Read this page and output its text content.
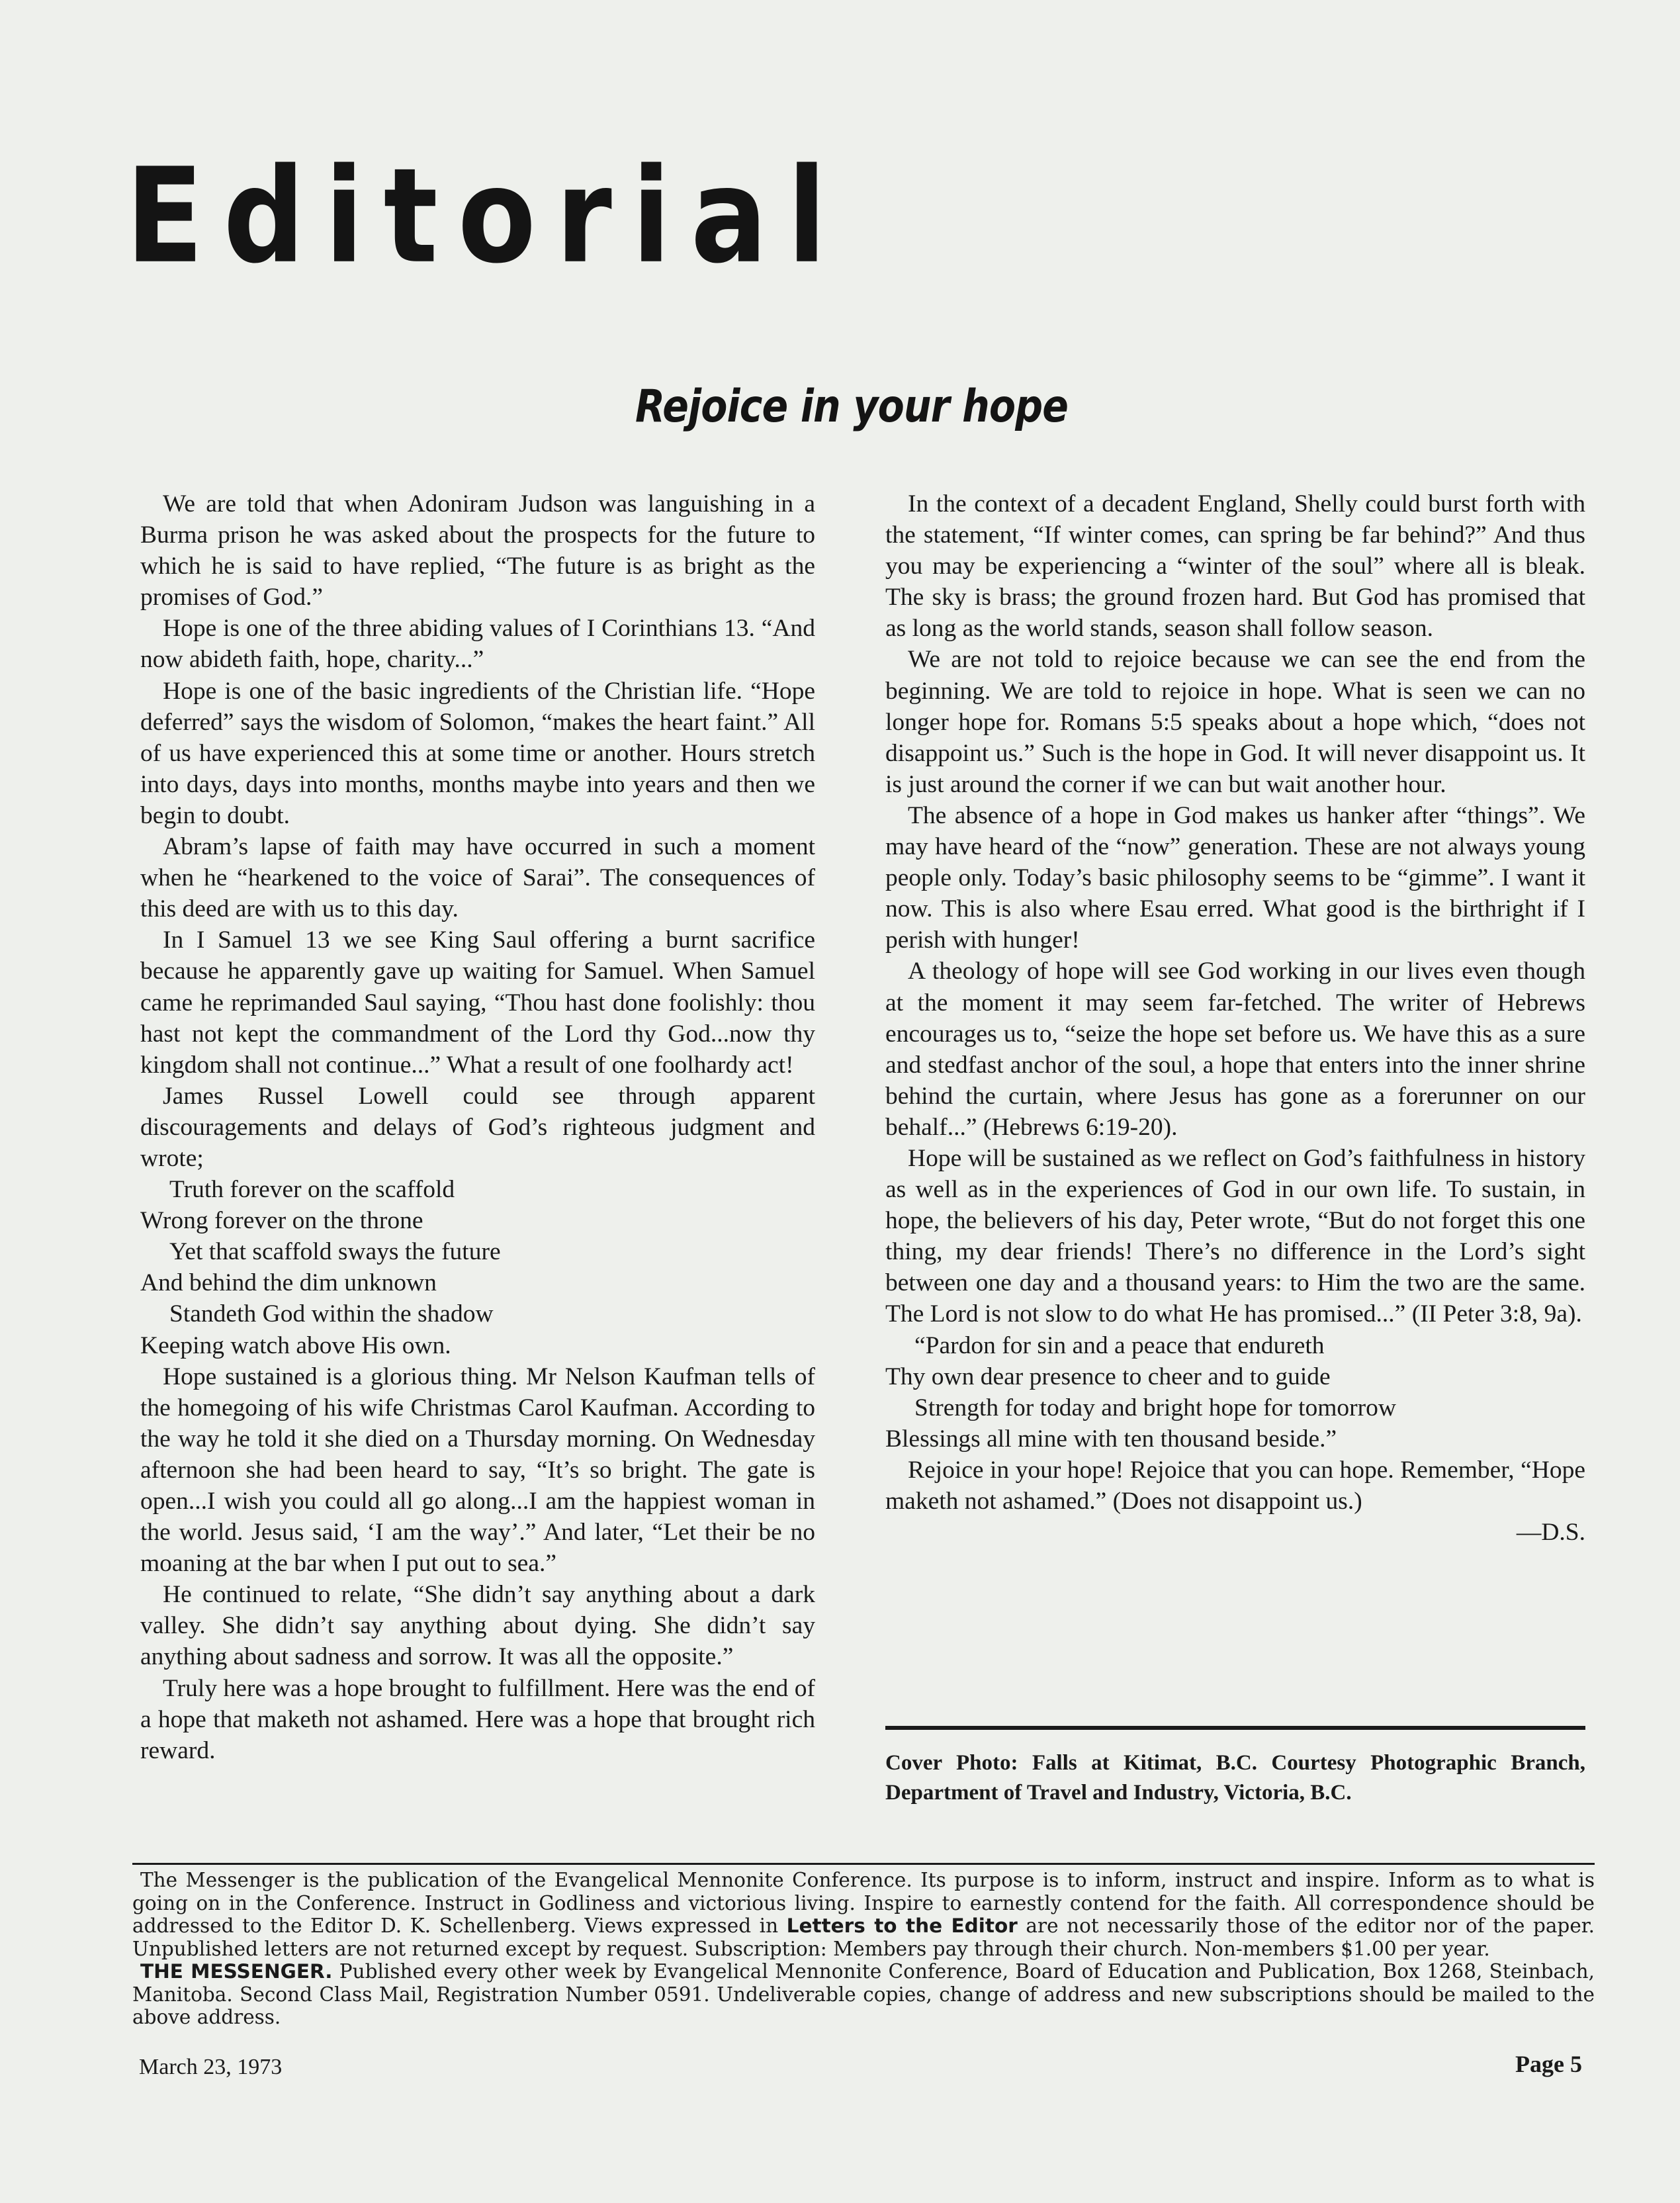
Editorial
Rejoice in your hope

We are told that when Adoniram Judson was languishing in a Burma prison he was asked about the prospects for the future to which he is said to have replied, “The future is as bright as the promises of God.”

Hope is one of the three abiding values of I Corinthians 13. “And now abideth faith, hope, charity...”

Hope is one of the basic ingredients of the Christian life. “Hope deferred” says the wisdom of Solomon, “makes the heart faint.” All of us have experienced this at some time or another. Hours stretch into days, days into months, months maybe into years and then we begin to doubt.

Abram’s lapse of faith may have occurred in such a moment when he “hearkened to the voice of Sarai”. The consequences of this deed are with us to this day.

In I Samuel 13 we see King Saul offering a burnt sacrifice because he apparently gave up waiting for Samuel. When Samuel came he reprimanded Saul saying, “Thou hast done foolishly: thou hast not kept the commandment of the Lord thy God...now thy kingdom shall not continue...” What a result of one foolhardy act!

James Russel Lowell could see through apparent discouragements and delays of God’s righteous judgment and wrote;

Truth forever on the scaffold
Wrong forever on the throne
Yet that scaffold sways the future
And behind the dim unknown
Standeth God within the shadow
Keeping watch above His own.

Hope sustained is a glorious thing. Mr Nelson Kaufman tells of the homegoing of his wife Christmas Carol Kaufman. According to the way he told it she died on a Thursday morning. On Wednesday afternoon she had been heard to say, “It’s so bright. The gate is open...I wish you could all go along...I am the happiest woman in the world. Jesus said, ‘I am the way’.” And later, “Let their be no moaning at the bar when I put out to sea.”

He continued to relate, “She didn’t say anything about a dark valley. She didn’t say anything about dying. She didn’t say anything about sadness and sorrow. It was all the opposite.”

Truly here was a hope brought to fulfillment. Here was the end of a hope that maketh not ashamed. Here was a hope that brought rich reward.

In the context of a decadent England, Shelly could burst forth with the statement, “If winter comes, can spring be far behind?” And thus you may be experiencing a “winter of the soul” where all is bleak. The sky is brass; the ground frozen hard. But God has promised that as long as the world stands, season shall follow season.

We are not told to rejoice because we can see the end from the beginning. We are told to rejoice in hope. What is seen we can no longer hope for. Romans 5:5 speaks about a hope which, “does not disappoint us.” Such is the hope in God. It will never disappoint us. It is just around the corner if we can but wait another hour.

The absence of a hope in God makes us hanker after “things”. We may have heard of the “now” generation. These are not always young people only. Today’s basic philosophy seems to be “gimme”. I want it now. This is also where Esau erred. What good is the birthright if I perish with hunger!

A theology of hope will see God working in our lives even though at the moment it may seem far-fetched. The writer of Hebrews encourages us to, “seize the hope set before us. We have this as a sure and stedfast anchor of the soul, a hope that enters into the inner shrine behind the curtain, where Jesus has gone as a forerunner on our behalf...” (Hebrews 6:19-20).

Hope will be sustained as we reflect on God’s faithfulness in history as well as in the experiences of God in our own life. To sustain, in hope, the believers of his day, Peter wrote, “But do not forget this one thing, my dear friends! There’s no difference in the Lord’s sight between one day and a thousand years: to Him the two are the same. The Lord is not slow to do what He has promised...” (II Peter 3:8, 9a).

“Pardon for sin and a peace that endureth
Thy own dear presence to cheer and to guide
Strength for today and bright hope for tomorrow
Blessings all mine with ten thousand beside.”

Rejoice in your hope! Rejoice that you can hope. Remember, “Hope maketh not ashamed.” (Does not disappoint us.)

—D.S.

Cover Photo: Falls at Kitimat, B.C. Courtesy Photographic Branch, Department of Travel and Industry, Victoria, B.C.

The Messenger is the publication of the Evangelical Mennonite Conference. Its purpose is to inform, instruct and inspire. Inform as to what is going on in the Conference. Instruct in Godliness and victorious living. Inspire to earnestly contend for the faith. All correspondence should be addressed to the Editor D. K. Schellenberg. Views expressed in Letters to the Editor are not necessarily those of the editor nor of the paper. Unpublished letters are not returned except by request. Subscription: Members pay through their church. Non-members $1.00 per year.

THE MESSENGER. Published every other week by Evangelical Mennonite Conference, Board of Education and Publication, Box 1268, Steinbach, Manitoba. Second Class Mail, Registration Number 0591. Undeliverable copies, change of address and new subscriptions should be mailed to the above address.

March 23, 1973	Page 5
